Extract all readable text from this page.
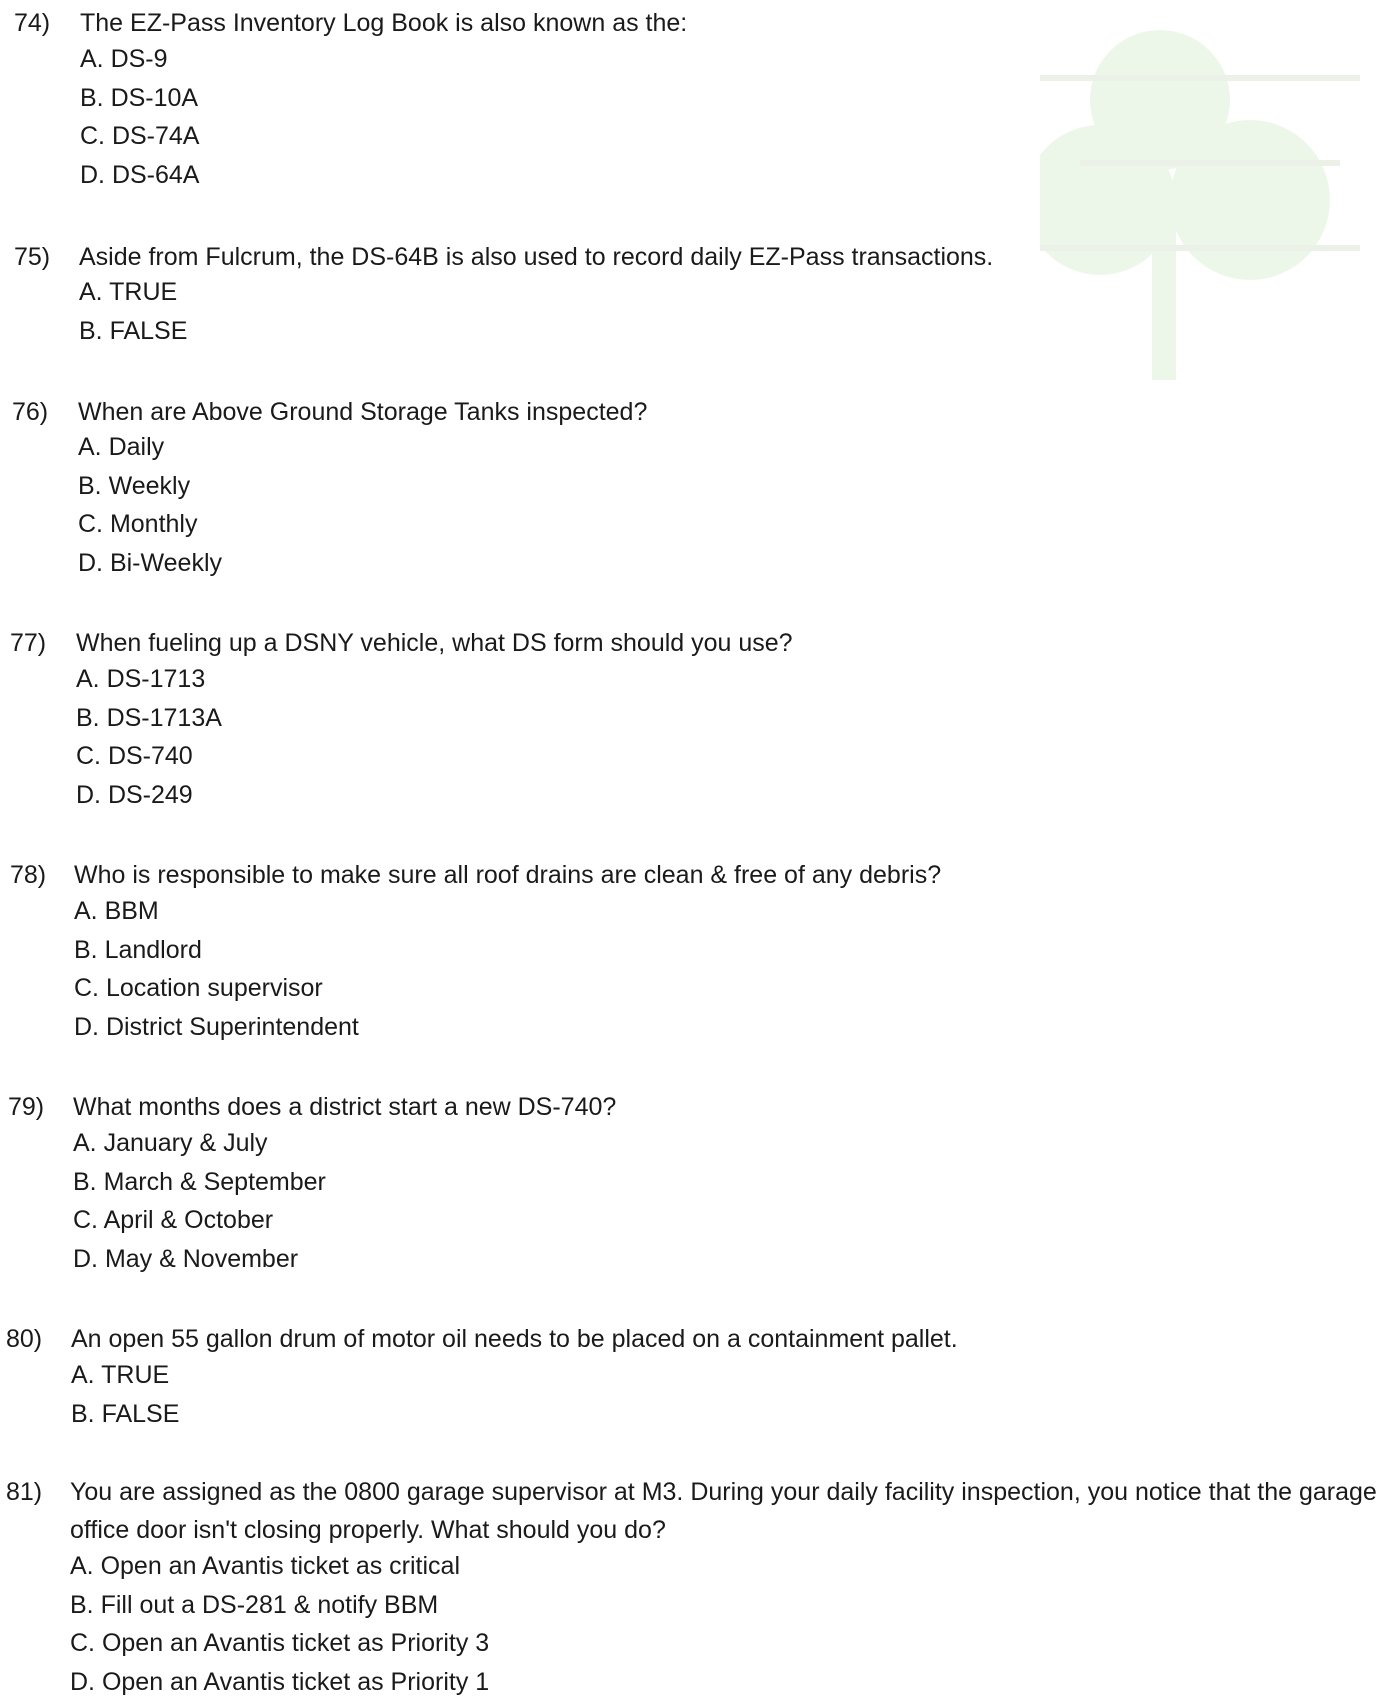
74) The EZ-Pass Inventory Log Book is also known as the:
A. DS-9
B. DS-10A
C. DS-74A
D. DS-64A
75) Aside from Fulcrum, the DS-64B is also used to record daily EZ-Pass transactions.
A. TRUE
B. FALSE
76) When are Above Ground Storage Tanks inspected?
A. Daily
B. Weekly
C. Monthly
D. Bi-Weekly
77) When fueling up a DSNY vehicle, what DS form should you use?
A. DS-1713
B. DS-1713A
C. DS-740
D. DS-249
78) Who is responsible to make sure all roof drains are clean & free of any debris?
A. BBM
B. Landlord
C. Location supervisor
D. District Superintendent
79) What months does a district start a new DS-740?
A. January & July
B. March & September
C. April & October
D. May & November
80) An open 55 gallon drum of motor oil needs to be placed on a containment pallet.
A. TRUE
B. FALSE
81) You are assigned as the 0800 garage supervisor at M3. During your daily facility inspection, you notice that the garage office door isn't closing properly. What should you do?
A. Open an Avantis ticket as critical
B. Fill out a DS-281 & notify BBM
C. Open an Avantis ticket as Priority 3
D. Open an Avantis ticket as Priority 1
